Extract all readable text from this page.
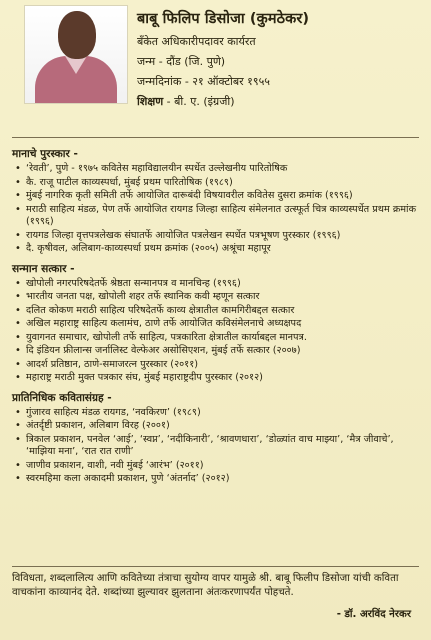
बाबू फिलिप डिसोजा (कुमठेकर)
बँकेत अधिकारीपदावर कार्यरत
जन्म - दौंड (जि. पुणे)
जन्मदिनांक - २१ ऑक्टोबर १९५५
शिक्षण - बी. ए. (इंग्रजी)
मानाचे पुरस्कार -
• ‘रेवती’, पुणे - १९७५ कवितेस महाविद्यालयीन स्पर्धेत उल्लेखनीय पारितोषिक
• कै. राजू पाटील काव्यस्पर्धा, मुंबई प्रथम पारितोषिक (१९८९)
• मुंबई नागरिक कृती समिती तर्फे आयोजित दारूबंदी विषयावरील कवितेस दुसरा क्रमांक (१९९६)
• मराठी साहित्य मंडळ, पेण तर्फे आयोजित रायगड जिल्हा साहित्य संमेलनात उत्स्फूर्त चित्र काव्यस्पर्धेत प्रथम क्रमांक (१९९६)
• रायगड जिल्हा वृत्तपत्रलेखक संघातर्फे आयोजित पत्रलेखन स्पर्धेत पत्रभूषण पुरस्कार (१९९६)
• दै. कृषीवल, अलिबाग-काव्यस्पर्धा प्रथम क्रमांक (२००५) अश्रूंचा महापूर
सन्मान सत्कार -
• खोपोली नगरपरिषदेतर्फे श्रेष्ठता सन्मानपत्र व मानचिन्ह (१९९६)
• भारतीय जनता पक्ष, खोपोली शहर तर्फे स्थानिक कवी म्हणून सत्कार
• दलित कोकण मराठी साहित्य परिषदेतर्फे काव्य क्षेत्रातील कामगिरीबद्दल सत्कार
• अखिल महाराष्ट्र साहित्य कलामंच, ठाणे तर्फे आयोजित कविसंमेलनाचे अध्यक्षपद
• युवागनत समाचार, खोपोली तर्फे साहित्य, पत्रकारिता क्षेत्रातील कार्याबद्दल मानपत्र.
• दि इंडियन फ्रीलान्स जर्नालिस्ट वेल्फेअर असोसिएशन, मुंबई तर्फे सत्कार (२००७)
• आदर्श प्रतिष्ठान, ठाणे-समाजरत्न पुरस्कार (२०११)
• महाराष्ट्र मराठी मुक्त पत्रकार संघ, मुंबई महाराष्ट्रदीप पुरस्कार (२०१२)
प्रातिनिधिक कवितासंग्रह -
• गुंजारव साहित्य मंडळ रायगड, ‘नवकिरण’ (१९८९)
• अंतर्दृष्टी प्रकाशन, अलिबाग विरह (२००१)
• त्रिकाल प्रकाशन, पनवेल ‘आई’, ‘स्वप्न’, ‘नदीकिनारी’, ‘श्रावणधारा’, ‘डोळ्यांत वाच माझ्या’, ‘मैत्र जीवाचे’, ‘माझिया मना’, ‘रात रात राणी’
• जाणीव प्रकाशन, वाशी, नवी मुंबई ‘आरंभ’ (२०११)
• स्वरमहिमा कला अकादमी प्रकाशन, पुणे ‘अंतर्नाद’ (२०१२)
विविधता, शब्दलालित्य आणि कवितेच्या तंत्राचा सुयोग्य वापर यामुळे श्री. बाबू फिलीप डिसोजा यांची कविता वाचकांना काव्यानंद देते. शब्दांच्या झुल्यावर झुलताना अंतःकरणापर्यंत पोहचते.
- डॉ. अरविंद नेरकर
